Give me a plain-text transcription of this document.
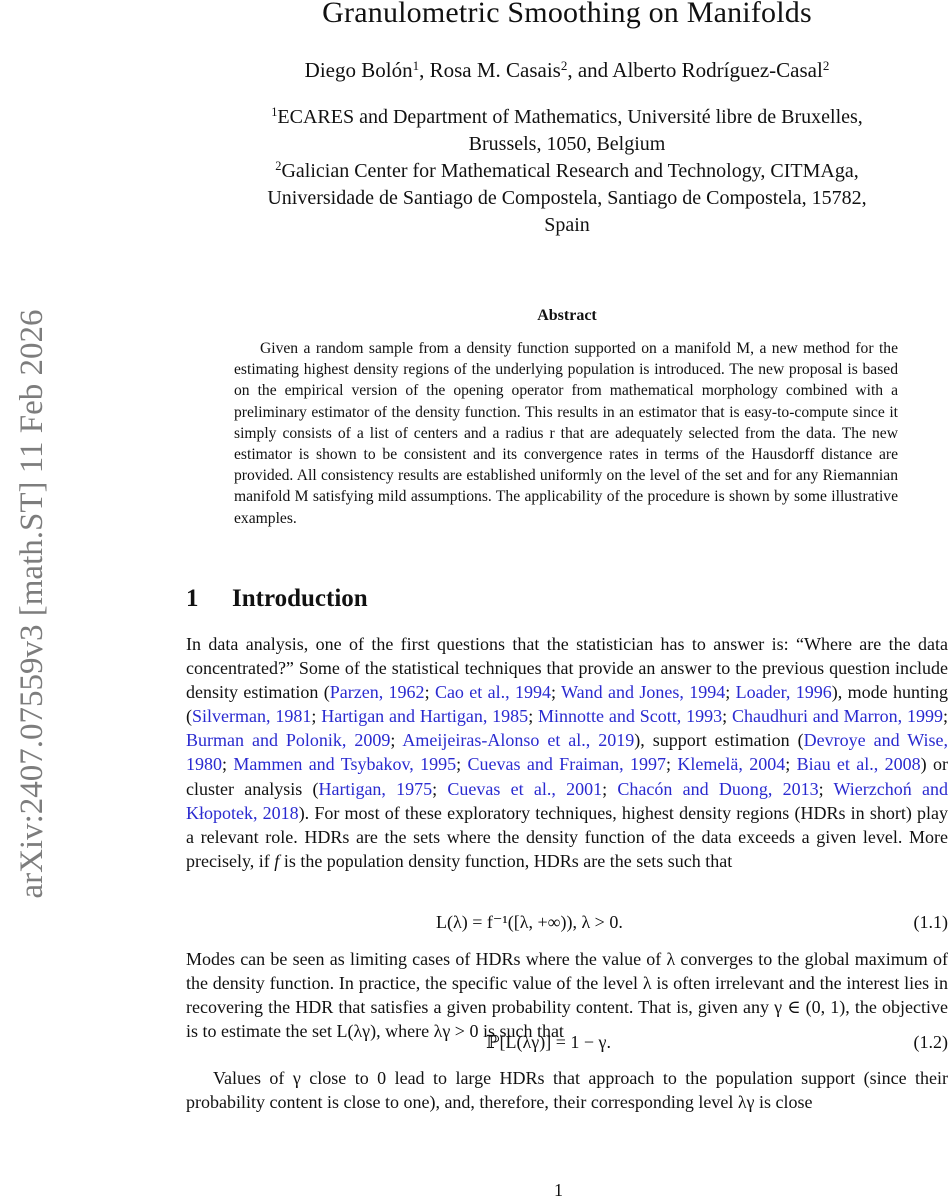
arXiv:2407.07559v3 [math.ST] 11 Feb 2026
Granulometric Smoothing on Manifolds
Diego Bolón$^1$, Rosa M. Casais$^2$, and Alberto Rodríguez-Casal$^2$
$^1$ECARES and Department of Mathematics, Université libre de Bruxelles,
Brussels, 1050, Belgium
$^2$Galician Center for Mathematical Research and Technology, CITMAga,
Universidade de Santiago de Compostela, Santiago de Compostela, 15782,
Spain
Abstract
Given a random sample from a density function supported on a manifold M, a new method for the estimating highest density regions of the underlying population is introduced. The new proposal is based on the empirical version of the opening operator from mathematical morphology combined with a preliminary estimator of the density function. This results in an estimator that is easy-to-compute since it simply consists of a list of centers and a radius r that are adequately selected from the data. The new estimator is shown to be consistent and its convergence rates in terms of the Hausdorff distance are provided. All consistency results are established uniformly on the level of the set and for any Riemannian manifold M satisfying mild assumptions. The applicability of the procedure is shown by some illustrative examples.
1 Introduction
In data analysis, one of the first questions that the statistician has to answer is: “Where are the data concentrated?” Some of the statistical techniques that provide an answer to the previous question include density estimation (Parzen, 1962; Cao et al., 1994; Wand and Jones, 1994; Loader, 1996), mode hunting (Silverman, 1981; Hartigan and Hartigan, 1985; Minnotte and Scott, 1993; Chaudhuri and Marron, 1999; Burman and Polonik, 2009; Ameijeiras-Alonso et al., 2019), support estimation (Devroye and Wise, 1980; Mammen and Tsybakov, 1995; Cuevas and Fraiman, 1997; Klemelä, 2004; Biau et al., 2008) or cluster analysis (Hartigan, 1975; Cuevas et al., 2001; Chacón and Duong, 2013; Wierzchoń and Kłopotek, 2018). For most of these exploratory techniques, highest density regions (HDRs in short) play a relevant role. HDRs are the sets where the density function of the data exceeds a given level. More precisely, if f is the population density function, HDRs are the sets such that
L(λ) = f⁻¹([λ, +∞)), λ > 0.	(1.1)
Modes can be seen as limiting cases of HDRs where the value of λ converges to the global maximum of the density function. In practice, the specific value of the level λ is often irrelevant and the interest lies in recovering the HDR that satisfies a given probability content. That is, given any γ ∈ (0, 1), the objective is to estimate the set L(λγ), where λγ > 0 is such that
ℙ[L(λγ)] = 1 − γ.	(1.2)
Values of γ close to 0 lead to large HDRs that approach to the population support (since their probability content is close to one), and, therefore, their corresponding level λγ is close
1
